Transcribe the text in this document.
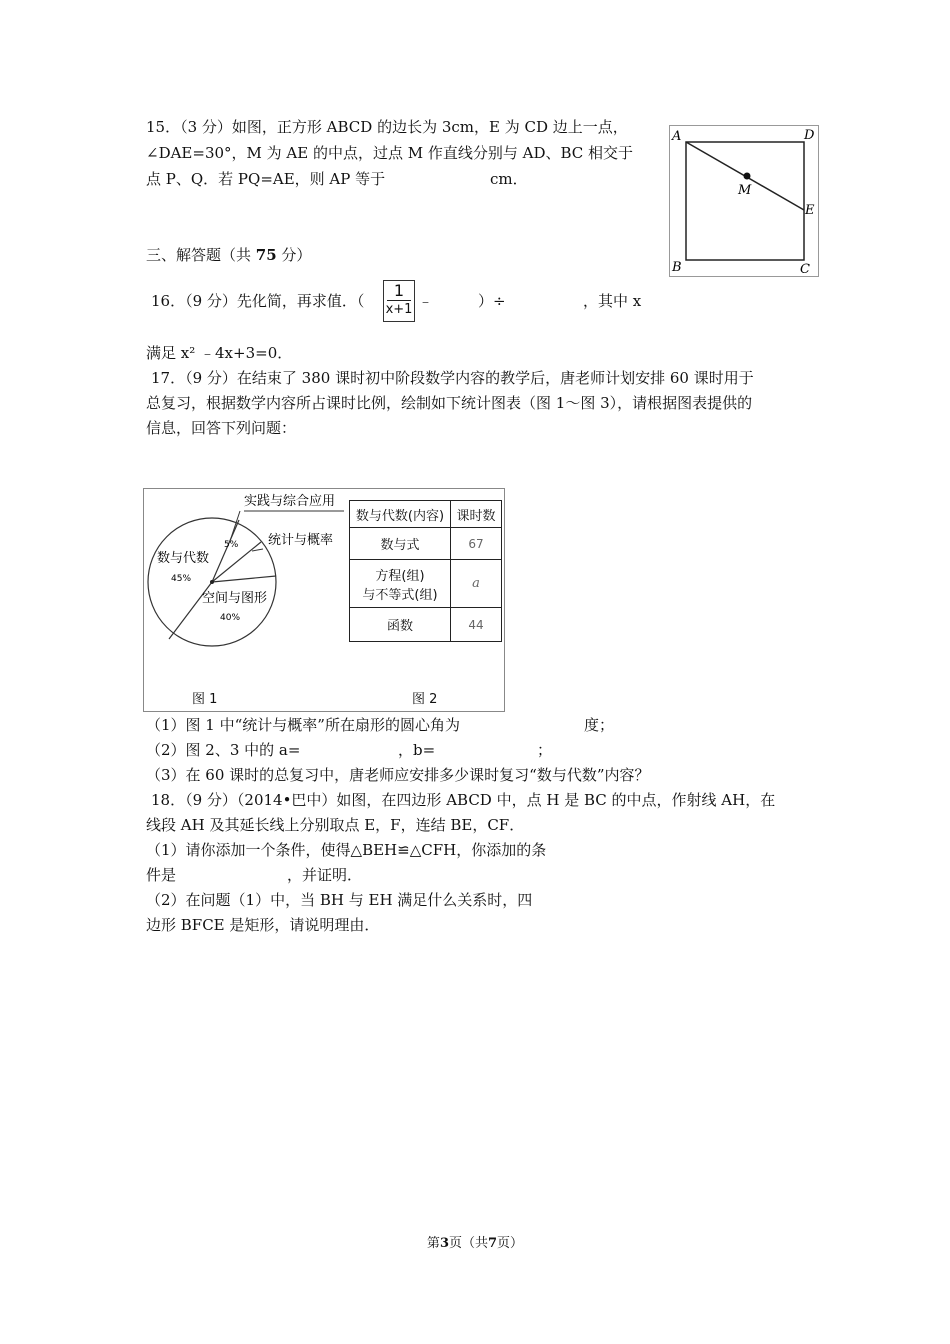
15．（3 分）如图，正方形 ABCD 的边长为 3cm，E 为 CD 边上一点，
∠DAE=30°，M 为 AE 的中点，过点 M 作直线分别与 AD、BC 相交于
点 P、Q．若 PQ=AE，则 AP 等于	cm．
A	D
B	C
E
M
三、解答题（共 75 分）
16．（9 分）先化简，再求值．（
1
x+1 ﹣	）÷	，其中 x
满足 x² ﹣4x+3=0．
17．（9 分）在结束了 380 课时初中阶段数学内容的教学后，唐老师计划安排 60 课时用于
总复习，根据数学内容所占课时比例，绘制如下统计图表（图 1～图 3），请根据图表提供的
信息，回答下列问题：
实践与综合应用
5% 统计与概率
数与代数
45%
空间与图形
40%
数与代数(内容)	课时数
数与式	67

方程(组)
与不等式(组)	a
函数	44
图 1	图 2
（1）图 1 中“统计与概率”所在扇形的圆心角为	度；
（2）图 2、3 中的 a=	，b=	；
（3）在 60 课时的总复习中，唐老师应安排多少课时复习“数与代数”内容？
18．（9 分）（2014•巴中）如图，在四边形 ABCD 中，点 H 是 BC 的中点，作射线 AH，在
线段 AH 及其延长线上分别取点 E，F，连结 BE，CF．
（1）请你添加一个条件，使得△BEH≌△CFH，你添加的条
件是	，并证明．
（2）在问题（1）中，当 BH 与 EH 满足什么关系时，四
边形 BFCE 是矩形，请说明理由．
第3页（共7页）
